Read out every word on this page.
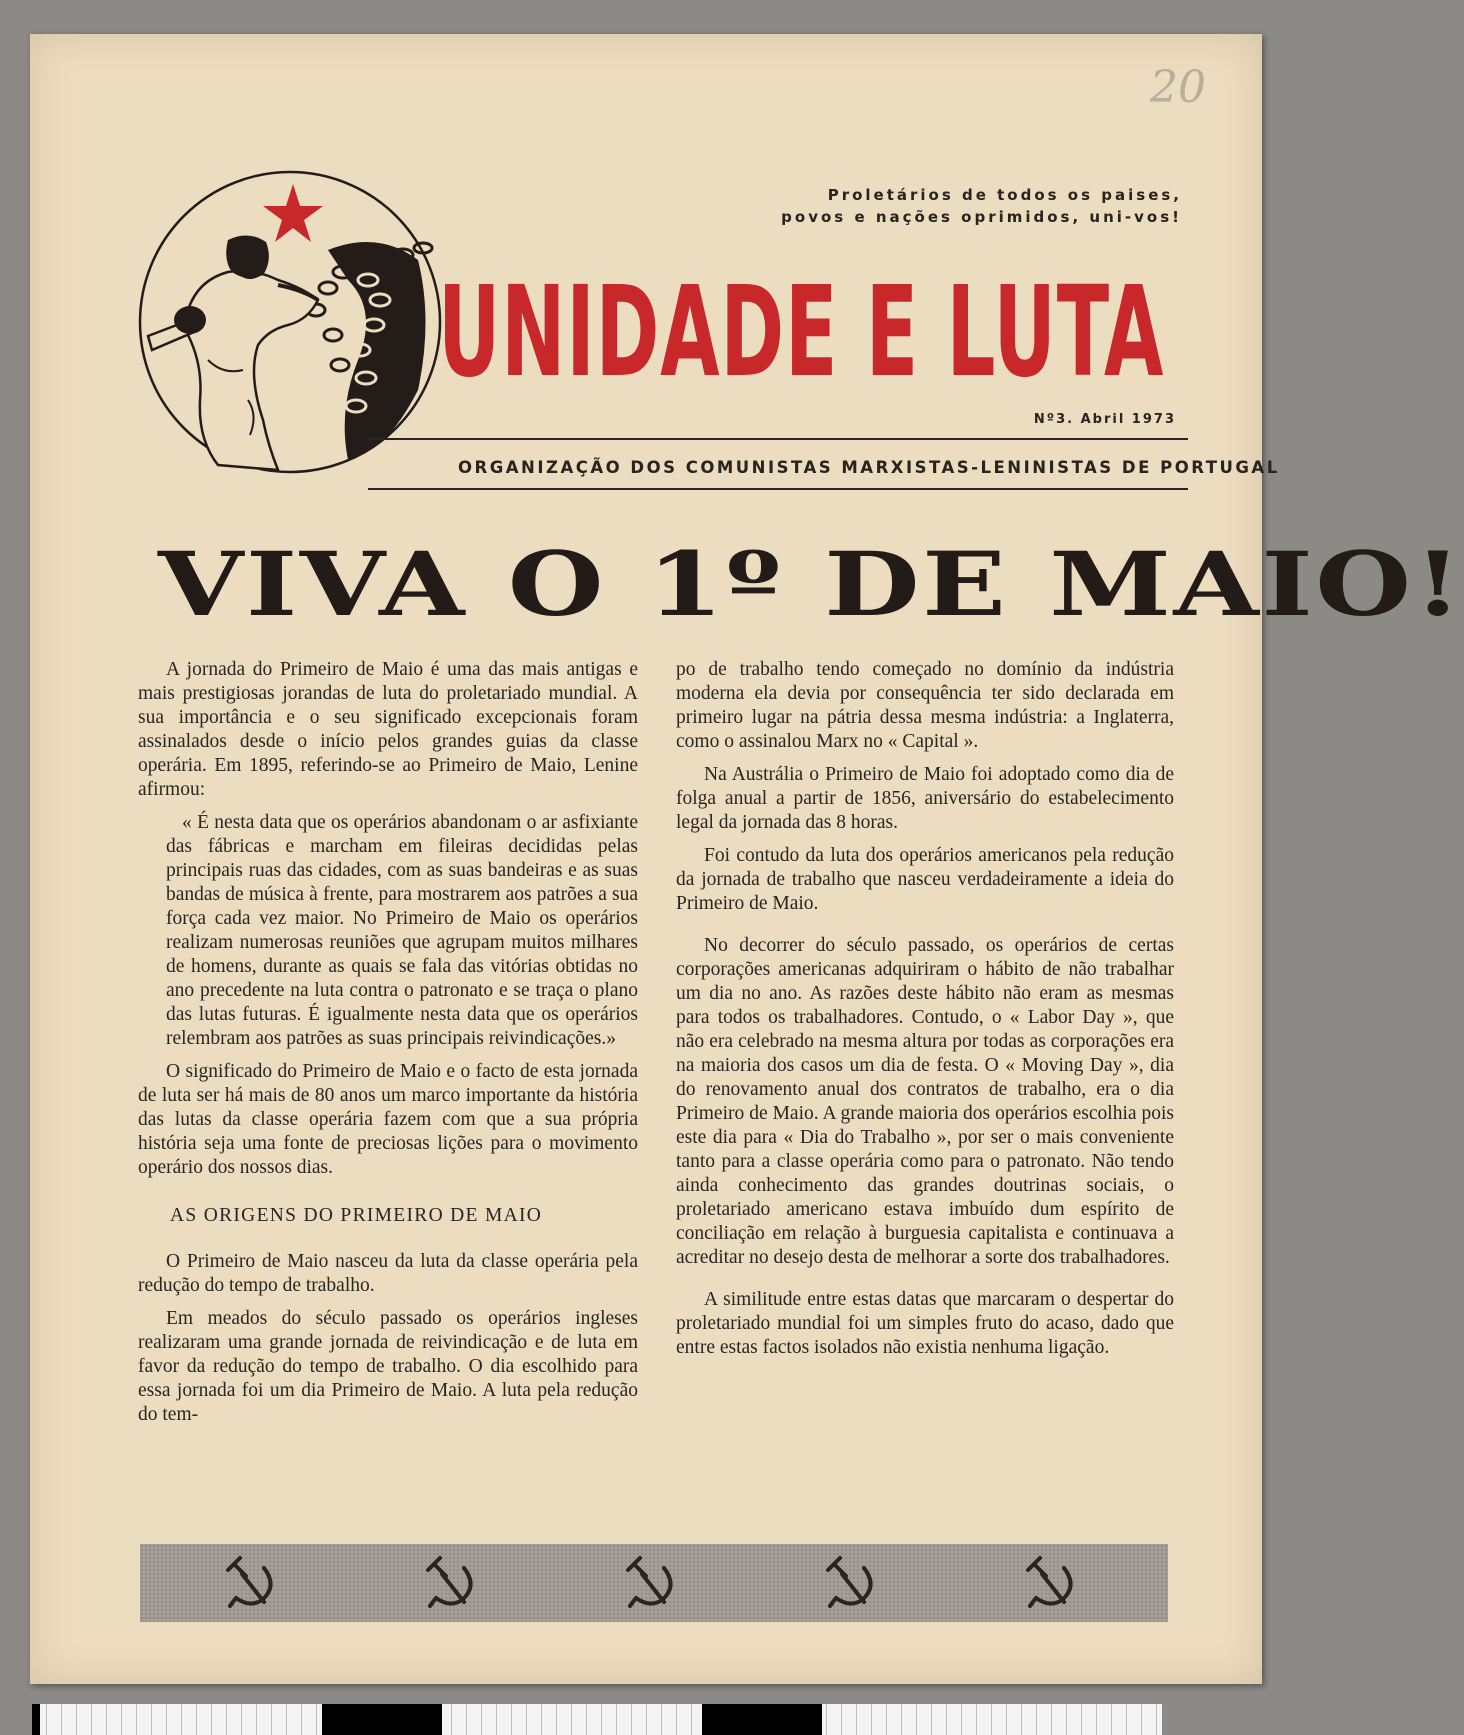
20
Proletários de todos os paises,
povos e nações oprimidos, uni-vos!
UNIDADE E LUTA
Nº3. Abril 1973
ORGANIZAÇÃO DOS COMUNISTAS MARXISTAS-LENINISTAS DE PORTUGAL
VIVA O 1º DE MAIO!

A jornada do Primeiro de Maio é uma das mais antigas e mais prestigiosas jorandas de luta do proletariado mundial. A sua importância e o seu significado excepcionais foram assinalados desde o início pelos grandes guias da classe operária. Em 1895, referindo-se ao Primeiro de Maio, Lenine afirmou:

« É nesta data que os operários abandonam o ar asfixiante das fábricas e marcham em fileiras decididas pelas principais ruas das cidades, com as suas bandeiras e as suas bandas de música à frente, para mostrarem aos patrões a sua força cada vez maior. No Primeiro de Maio os operários realizam numerosas reuniões que agrupam muitos milhares de homens, durante as quais se fala das vitórias obtidas no ano precedente na luta contra o patronato e se traça o plano das lutas futuras. É igualmente nesta data que os operários relembram aos patrões as suas principais reivindicações.»

O significado do Primeiro de Maio e o facto de esta jornada de luta ser há mais de 80 anos um marco importante da história das lutas da classe operária fazem com que a sua própria história seja uma fonte de preciosas lições para o movimento operário dos nossos dias.

AS ORIGENS DO PRIMEIRO DE MAIO

O Primeiro de Maio nasceu da luta da classe operária pela redução do tempo de trabalho.

Em meados do século passado os operários ingleses realizaram uma grande jornada de reivindicação e de luta em favor da redução do tempo de trabalho. O dia escolhido para essa jornada foi um dia Primeiro de Maio. A luta pela redução do tem-

po de trabalho tendo começado no domínio da indústria moderna ela devia por consequência ter sido declarada em primeiro lugar na pátria dessa mesma indústria: a Inglaterra, como o assinalou Marx no « Capital ».

Na Austrália o Primeiro de Maio foi adoptado como dia de folga anual a partir de 1856, aniversário do estabelecimento legal da jornada das 8 horas.

Foi contudo da luta dos operários americanos pela redução da jornada de trabalho que nasceu verdadeiramente a ideia do Primeiro de Maio.

No decorrer do século passado, os operários de certas corporações americanas adquiriram o hábito de não trabalhar um dia no ano. As razões deste hábito não eram as mesmas para todos os trabalhadores. Contudo, o « Labor Day », que não era celebrado na mesma altura por todas as corporações era na maioria dos casos um dia de festa. O « Moving Day », dia do renovamento anual dos contratos de trabalho, era o dia Primeiro de Maio. A grande maioria dos operários escolhia pois este dia para « Dia do Trabalho », por ser o mais conveniente tanto para a classe operária como para o patronato. Não tendo ainda conhecimento das grandes doutrinas sociais, o proletariado americano estava imbuído dum espírito de conciliação em relação à burguesia capitalista e continuava a acreditar no desejo desta de melhorar a sorte dos trabalhadores.

A similitude entre estas datas que marcaram o despertar do proletariado mundial foi um simples fruto do acaso, dado que entre estas factos isolados não existia nenhuma ligação.
